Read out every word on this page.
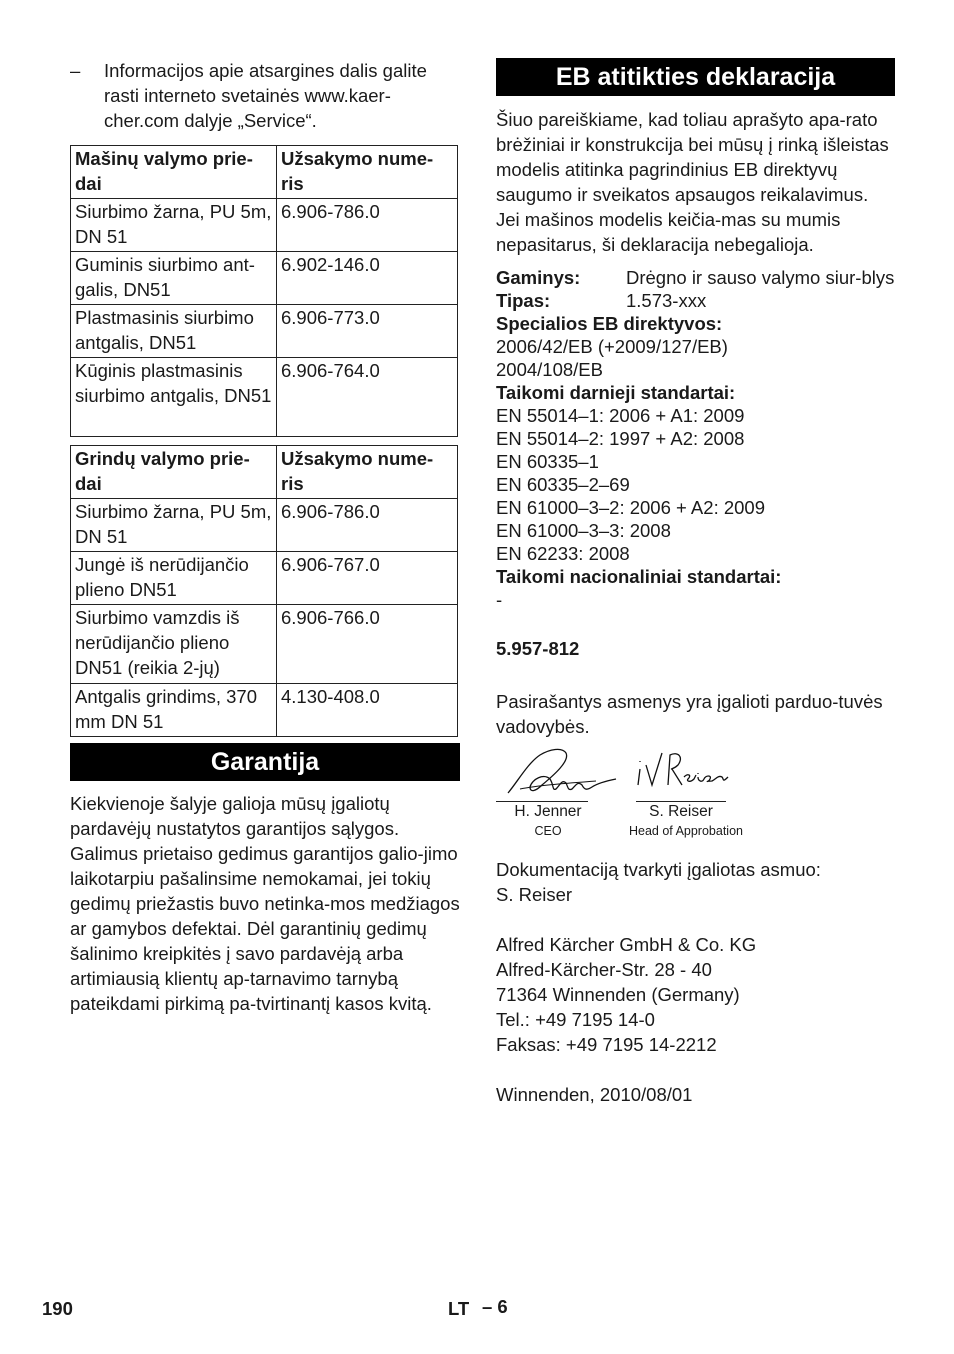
–	Informacijos apie atsargines dalis galite rasti interneto svetainės www.kaer-cher.com dalyje „Service“.
Mašinų valymo prie-dai	Užsakymo nume-ris
Siurbimo žarna, PU 5m, DN 51	6.906-786.0
Guminis siurbimo ant-galis, DN51	6.902-146.0
Plastmasinis siurbimo antgalis, DN51	6.906-773.0
Kūginis plastmasinis siurbimo antgalis, DN51	6.906-764.0
Grindų valymo prie-dai	Užsakymo nume-ris
Siurbimo žarna, PU 5m, DN 51	6.906-786.0
Jungė iš nerūdijančio plieno DN51	6.906-767.0
Siurbimo vamzdis iš nerūdijančio plieno DN51 (reikia 2-jų)	6.906-766.0
Antgalis grindims, 370 mm DN 51	4.130-408.0
Garantija

Kiekvienoje šalyje galioja mūsų įgaliotų pardavėjų nustatytos garantijos sąlygos. Galimus prietaiso gedimus garantijos galio-jimo laikotarpiu pašalinsime nemokamai, jei tokių gedimų priežastis buvo netinka-mos medžiagos ar gamybos defektai. Dėl garantinių gedimų šalinimo kreipkitės į savo pardavėją arba artimiausią klientų ap-tarnavimo tarnybą pateikdami pirkimą pa-tvirtinantį kasos kvitą.

EB atitikties deklaracija

Šiuo pareiškiame, kad toliau aprašyto apa-rato brėžiniai ir konstrukcija bei mūsų į rinką išleistas modelis atitinka pagrindinius EB direktyvų saugumo ir sveikatos apsaugos reikalavimus. Jei mašinos modelis keičia-mas su mumis nepasitarus, ši deklaracija nebegalioja.

Gaminys:	Drėgno ir sauso valymo siur-blys
Tipas:	1.573-xxx

Specialios EB direktyvos:

2006/42/EB (+2009/127/EB)

2004/108/EB

Taikomi darnieji standartai:

EN 55014–1: 2006 + A1: 2009

EN 55014–2: 1997 + A2: 2008

EN 60335–1

EN 60335–2–69

EN 61000–3–2: 2006 + A2: 2009

EN 61000–3–3: 2008

EN 62233: 2008

Taikomi nacionaliniai standartai:

-

5.957-812

Pasirašantys asmenys yra įgalioti parduo-tuvės vadovybės.

H. Jenner
CEO
S. Reiser
Head of Approbation

Dokumentaciją tvarkyti įgaliotas asmuo:

S. Reiser

Alfred Kärcher GmbH & Co. KG

Alfred-Kärcher-Str. 28 - 40

71364 Winnenden (Germany)

Tel.: +49 7195 14-0

Faksas: +49 7195 14-2212

Winnenden, 2010/08/01

190	LT – 6
